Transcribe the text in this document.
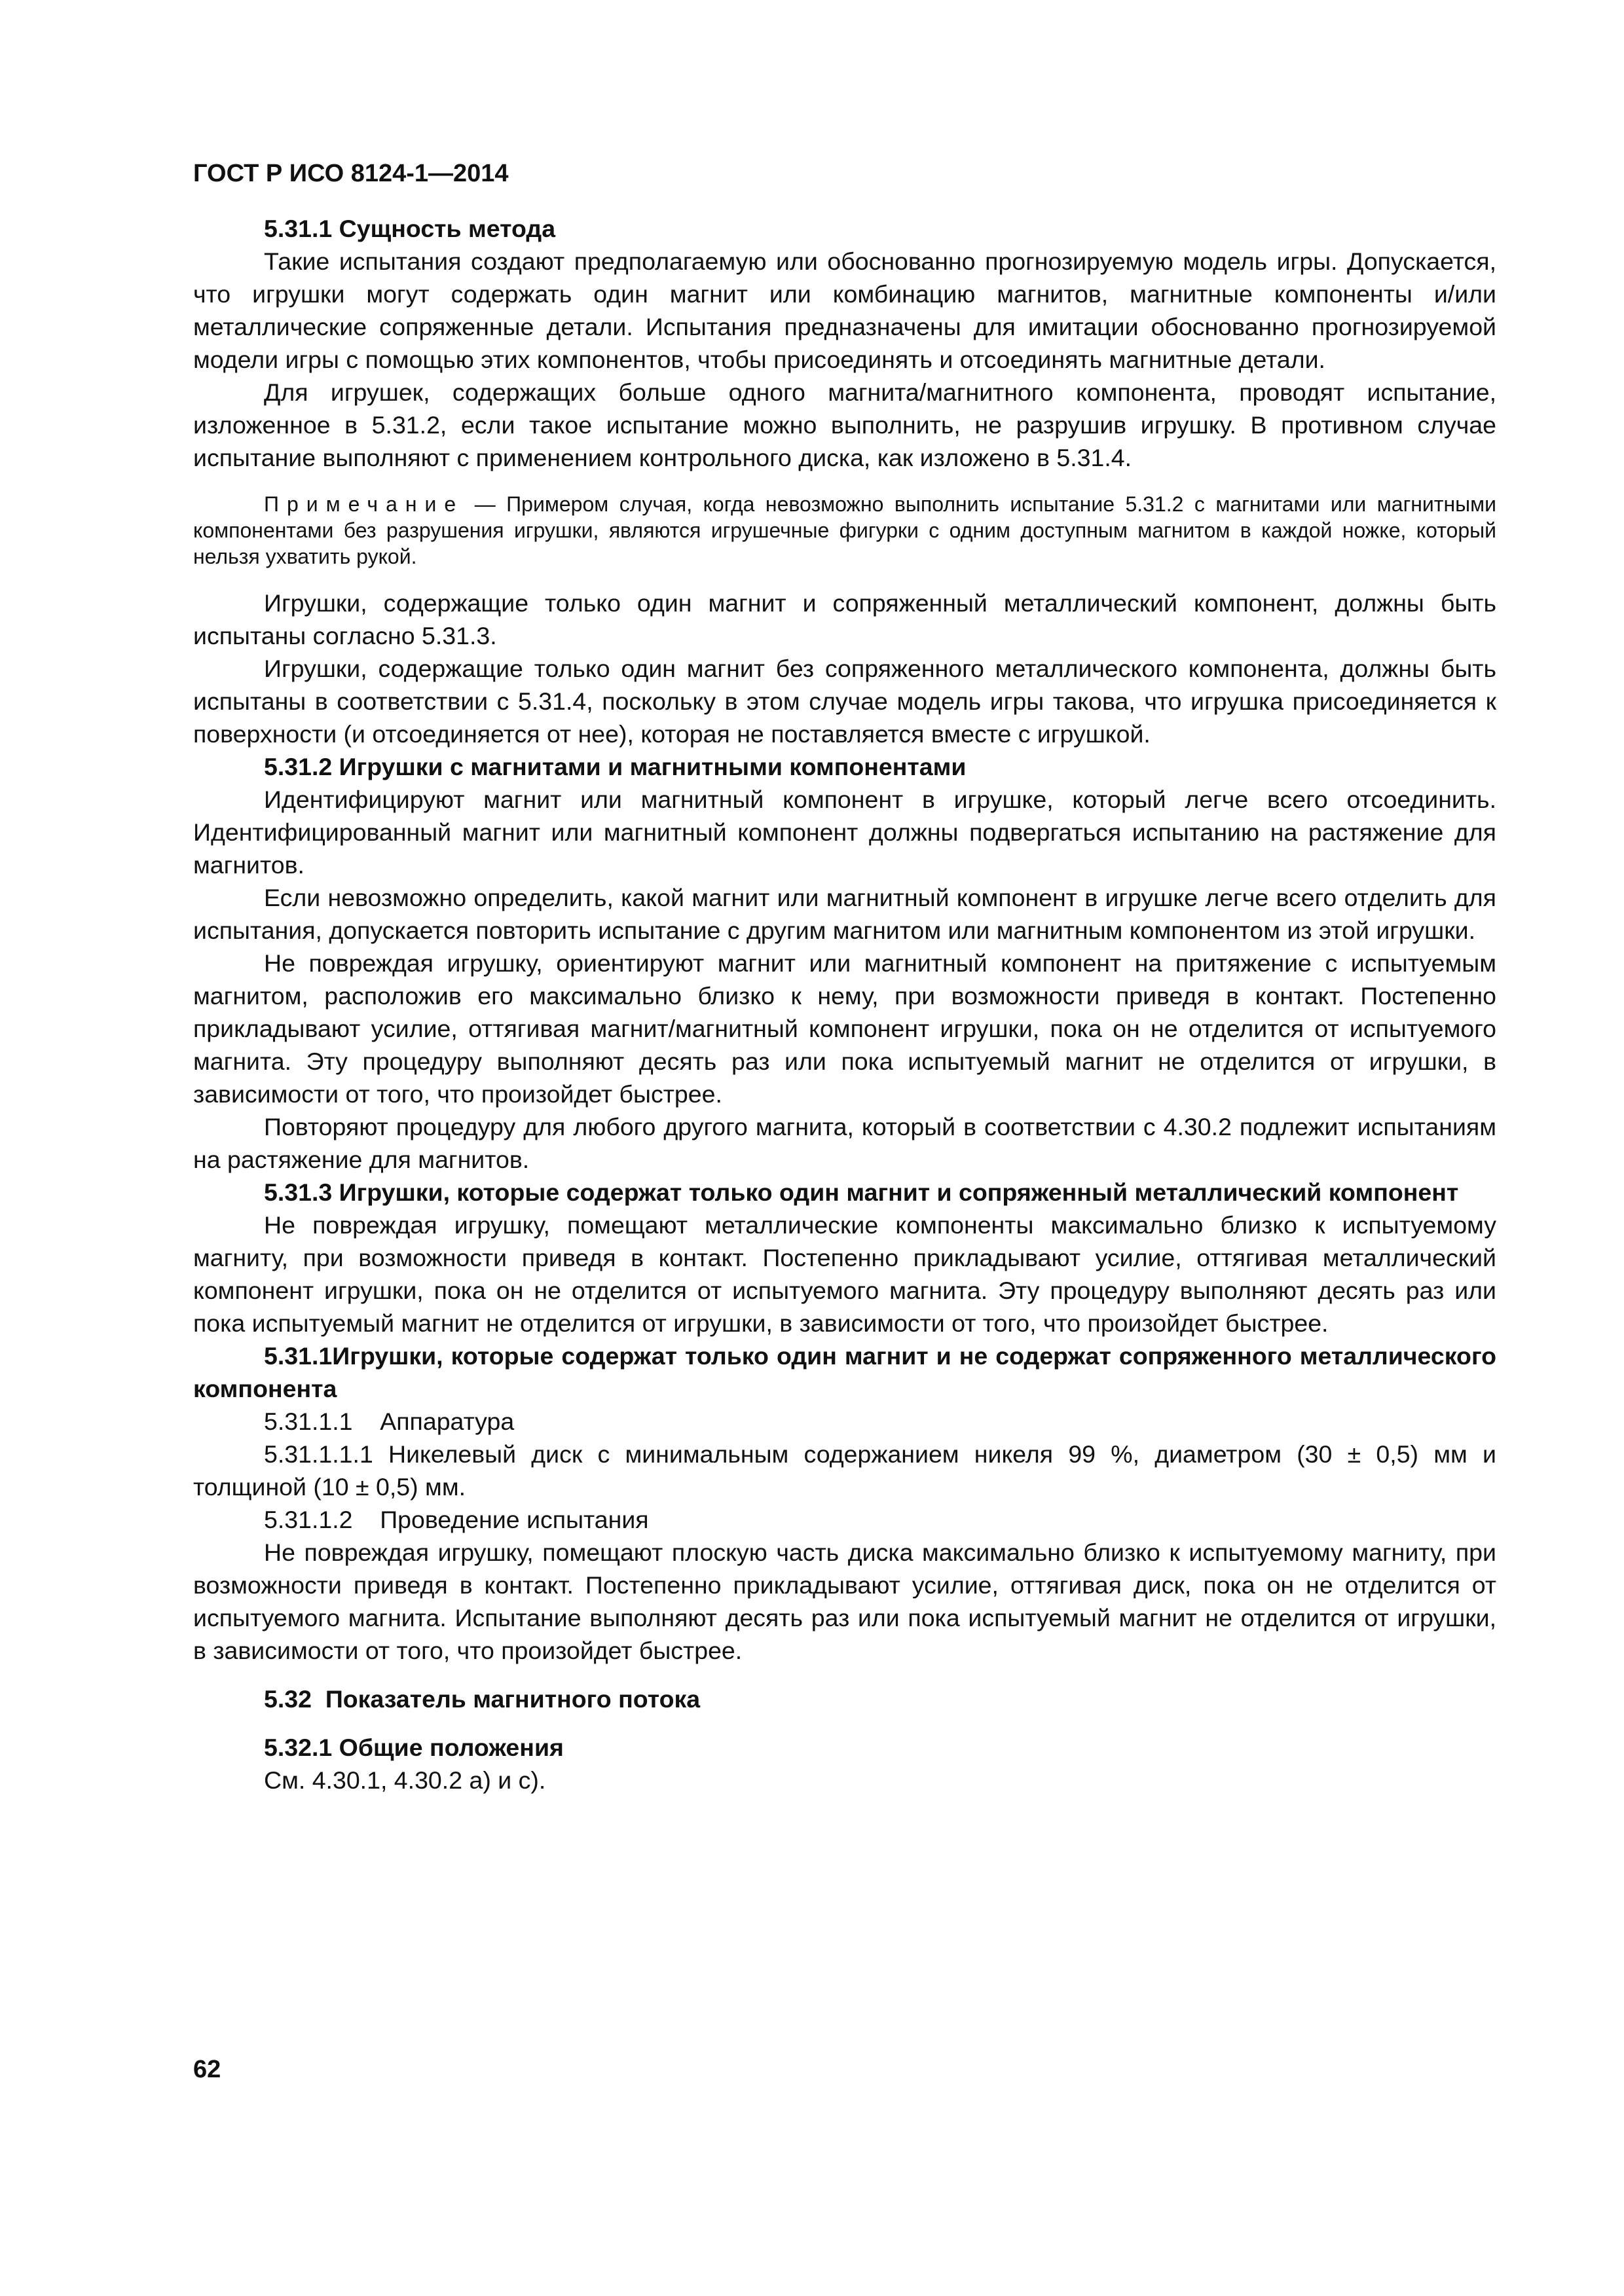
ГОСТ Р ИСО 8124-1—2014

5.31.1 Сущность метода

Такие испытания создают предполагаемую или обоснованно прогнозируемую модель игры. Допускается, что игрушки могут содержать один магнит или комбинацию магнитов, магнитные компоненты и/или металлические сопряженные детали. Испытания предназначены для имитации обоснованно прогнозируемой модели игры с помощью этих компонентов, чтобы присоединять и отсоединять магнитные детали.

Для игрушек, содержащих больше одного магнита/магнитного компонента, проводят испытание, изложенное в 5.31.2, если такое испытание можно выполнить, не разрушив игрушку. В противном случае испытание выполняют с применением контрольного диска, как изложено в 5.31.4.

Примечание — Примером случая, когда невозможно выполнить испытание 5.31.2 с магнитами или магнитными компонентами без разрушения игрушки, являются игрушечные фигурки с одним доступным магнитом в каждой ножке, который нельзя ухватить рукой.

Игрушки, содержащие только один магнит и сопряженный металлический компонент, должны быть испытаны согласно 5.31.3.

Игрушки, содержащие только один магнит без сопряженного металлического компонента, должны быть испытаны в соответствии с 5.31.4, поскольку в этом случае модель игры такова, что игрушка присоединяется к поверхности (и отсоединяется от нее), которая не поставляется вместе с игрушкой.

5.31.2 Игрушки с магнитами и магнитными компонентами

Идентифицируют магнит или магнитный компонент в игрушке, который легче всего отсоединить. Идентифицированный магнит или магнитный компонент должны подвергаться испытанию на растяжение для магнитов.

Если невозможно определить, какой магнит или магнитный компонент в игрушке легче всего отделить для испытания, допускается повторить испытание с другим магнитом или магнитным компонентом из этой игрушки.

Не повреждая игрушку, ориентируют магнит или магнитный компонент на притяжение с испытуемым магнитом, расположив его максимально близко к нему, при возможности приведя в контакт. Постепенно прикладывают усилие, оттягивая магнит/магнитный компонент игрушки, пока он не отделится от испытуемого магнита. Эту процедуру выполняют десять раз или пока испытуемый магнит не отделится от игрушки, в зависимости от того, что произойдет быстрее.

Повторяют процедуру для любого другого магнита, который в соответствии с 4.30.2 подлежит испытаниям на растяжение для магнитов.

5.31.3 Игрушки, которые содержат только один магнит и сопряженный металлический компонент

Не повреждая игрушку, помещают металлические компоненты максимально близко к испытуемому магниту, при возможности приведя в контакт. Постепенно прикладывают усилие, оттягивая металлический компонент игрушки, пока он не отделится от испытуемого магнита. Эту процедуру выполняют десять раз или пока испытуемый магнит не отделится от игрушки, в зависимости от того, что произойдет быстрее.

5.31.1Игрушки, которые содержат только один магнит и не содержат сопряженного металлического компонента

5.31.1.1    Аппаратура

5.31.1.1.1 Никелевый диск с минимальным содержанием никеля 99 %, диаметром (30 ± 0,5) мм и толщиной (10 ± 0,5) мм.

5.31.1.2    Проведение испытания

Не повреждая игрушку, помещают плоскую часть диска максимально близко к испытуемому магниту, при возможности приведя в контакт. Постепенно прикладывают усилие, оттягивая диск, пока он не отделится от испытуемого магнита. Испытание выполняют десять раз или пока испытуемый магнит не отделится от игрушки, в зависимости от того, что произойдет быстрее.

5.32  Показатель магнитного потока

5.32.1 Общие положения

См. 4.30.1, 4.30.2 а) и с).

62
